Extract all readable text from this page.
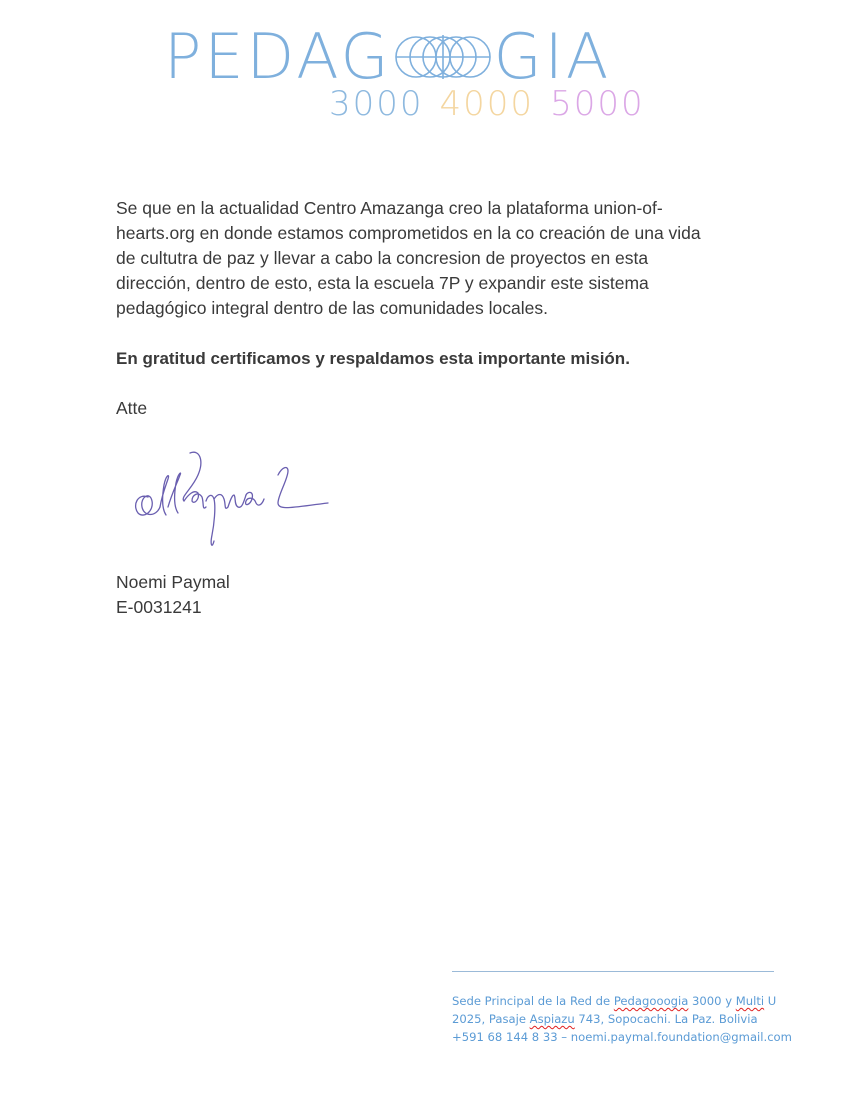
PEDAG GIA
3000 4000 5000

Se que en la actualidad Centro Amazanga creo la plataforma union-of-

hearts.org en donde estamos comprometidos en la co creación de una vida

de cultutra de paz y llevar a cabo la concresion de proyectos en esta

dirección, dentro de esto, esta la escuela 7P y expandir este sistema

pedagógico integral dentro de las comunidades locales.

En gratitud certificamos y respaldamos esta importante misión.
Atte
Noemi Paymal
E-0031241
Sede Principal de la Red de Pedagooogia 3000 y Multi U
2025, Pasaje Aspiazu 743, Sopocachi. La Paz. Bolivia
+591 68 144 8 33 – noemi.paymal.foundation@gmail.com
